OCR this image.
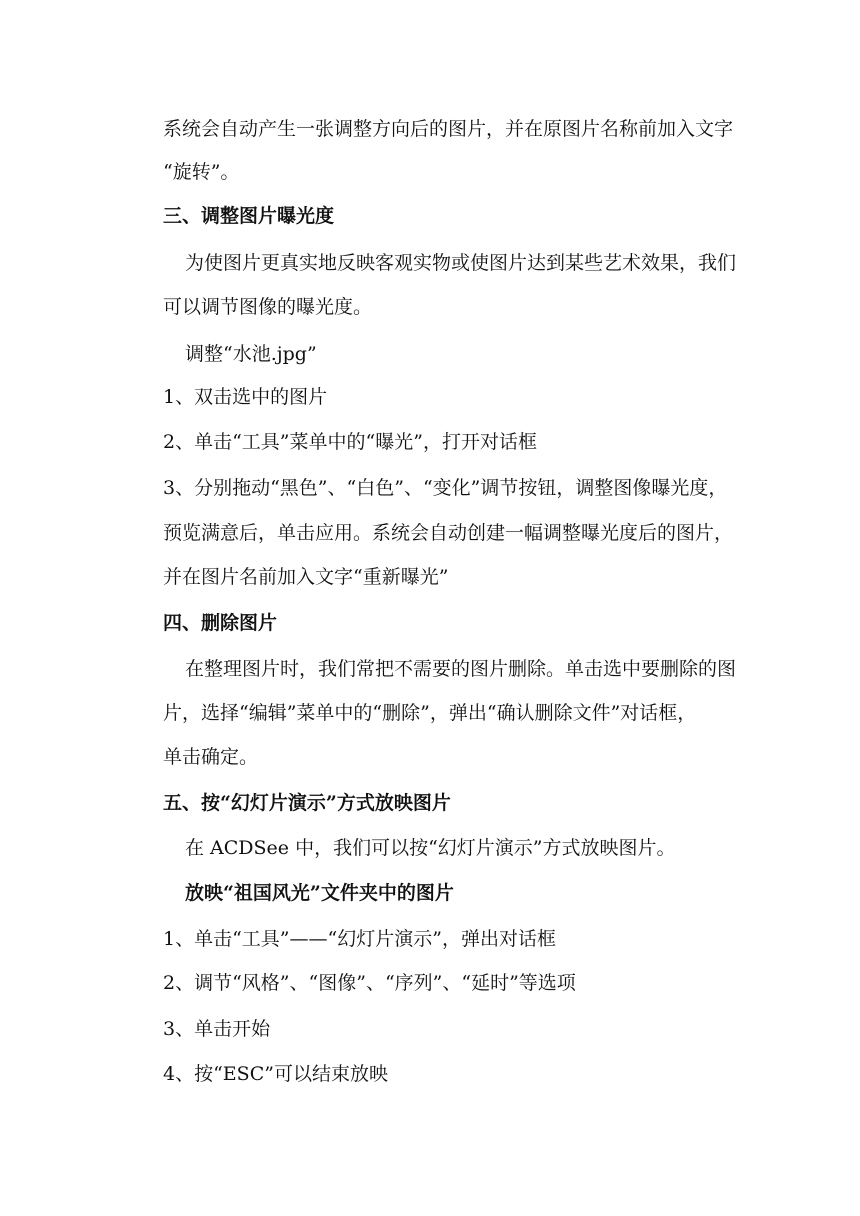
系统会自动产生一张调整方向后的图片，并在原图片名称前加入文字
“旋转”。
三、调整图片曝光度
为使图片更真实地反映客观实物或使图片达到某些艺术效果，我们
可以调节图像的曝光度。
调整“水池.jpg”
1、双击选中的图片
2、单击“工具”菜单中的“曝光”，打开对话框
3、分别拖动“黑色”、“白色”、“变化”调节按钮，调整图像曝光度，
预览满意后，单击应用。系统会自动创建一幅调整曝光度后的图片，
并在图片名前加入文字“重新曝光”
四、删除图片
在整理图片时，我们常把不需要的图片删除。单击选中要删除的图
片，选择“编辑”菜单中的“删除”，弹出“确认删除文件”对话框，
单击确定。
五、按“幻灯片演示”方式放映图片
在 ACDSee 中，我们可以按“幻灯片演示”方式放映图片。
放映“祖国风光”文件夹中的图片
1、单击“工具”——“幻灯片演示”，弹出对话框
2、调节“风格”、“图像”、“序列”、“延时”等选项
3、单击开始
4、按“ESC”可以结束放映
